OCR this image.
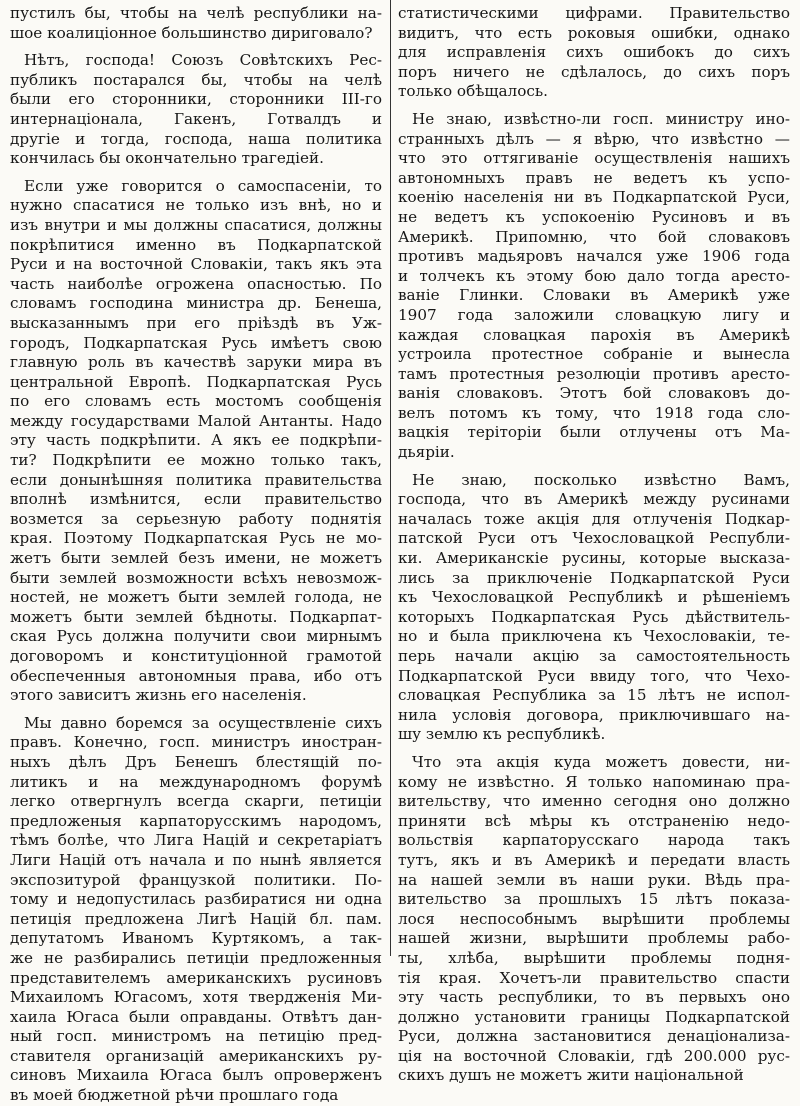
пустилъ бы, чтобы на челѣ республики на-
шое коалиціонное большинство дириговало?
Нѣтъ, господа! Союзъ Совѣтскихъ Рес-
публикъ постарался бы, чтобы на челѣ
были его сторонники, сторонники III-го
интернаціонала, Гакенъ, Готвалдъ и
другіе и тогда, господа, наша политика
кончилась бы окончательно трагедіей.
Если уже говорится о самоспасеніи, то
нужно спасатися не только изъ внѣ, но и
изъ внутри и мы должны спасатися, должны
покрѣпитися именно въ Подкарпатской
Руси и на восточной Словакіи, такъ якъ эта
часть наиболѣе огрожена опасностью. По
словамъ господина министра др. Бенеша,
высказаннымъ при его пріѣздѣ въ Уж-
городъ, Подкарпатская Русь имѣетъ свою
главную роль въ качествѣ заруки мира въ
центральной Европѣ. Подкарпатская Русь
по его словамъ есть мостомъ сообщенія
между государствами Малой Антанты. Надо
эту часть подкрѣпити. А якъ ее подкрѣпи-
ти? Подкрѣпити ее можно только такъ,
если донынѣшняя политика правительства
вполнѣ измѣнится, если правительство
возмется за серьезную работу поднятія
края. Поэтому Подкарпатская Русь не мо-
жетъ быти землей безъ имени, не можетъ
быти землей возможности всѣхъ невозмож-
ностей, не можетъ быти землей голода, не
можетъ быти землей бѣдноты. Подкарпат-
ская Русь должна получити свои мирнымъ
договоромъ и конституціонной грамотой
обеспеченныя автономныя права, ибо отъ
этого зависитъ жизнь его населенія.
Мы давно боремся за осуществленіе сихъ
правъ. Конечно, госп. министръ иностран-
ныхъ дѣлъ Дръ Бенешъ блестящій по-
литикъ и на международномъ форумѣ
легко отвергнулъ всегда скарги, петиціи
предложеныя карпаторусскимъ народомъ,
тѣмъ болѣе, что Лига Націй и секретаріатъ
Лиги Націй отъ начала и по нынѣ является
экспозитурой французкой политики. По-
тому и недопустилась разбиратися ни одна
петиція предложена Лигѣ Націй бл. пам.
депутатомъ Иваномъ Куртякомъ, а так-
же не разбирались петиціи предложенныя
представителемъ американскихъ русиновъ
Михаиломъ Югасомъ, хотя твердженія Ми-
хаила Югаса были оправданы. Отвѣтъ дан-
ный госп. министромъ на петицію пред-
ставителя организацій американскихъ ру-
синовъ Михаила Югаса былъ опроверженъ
въ моей бюджетной рѣчи прошлаго года
статистическими цифрами. Правительство
видитъ, что есть роковыя ошибки, однако
для исправленія сихъ ошибокъ до сихъ
поръ ничего не сдѣлалось, до сихъ поръ
только обѣщалось.
Не знаю, извѣстно-ли госп. министру ино-
странныхъ дѣлъ — я вѣрю, что извѣстно —
что это оттягиваніе осуществленія нашихъ
автономныхъ правъ не ведетъ къ успо-
коенію населенія ни въ Подкарпатской Руси,
не ведетъ къ успокоенію Русиновъ и въ
Америкѣ. Припомню, что бой словаковъ
противъ мадьяровъ начался уже 1906 года
и толчекъ къ этому бою дало тогда аресто-
ваніе Глинки. Словаки въ Америкѣ уже
1907 года заложили словацкую лигу и
каждая словацкая парохія въ Америкѣ
устроила протестное собраніе и вынесла
тамъ протестныя резолюціи противъ аресто-
ванія словаковъ. Этотъ бой словаковъ до-
велъ потомъ къ тому, что 1918 года сло-
вацкія теріторіи были отлучены отъ Ма-
дьяріи.
Не знаю, посколько извѣстно Вамъ,
господа, что въ Америкѣ между русинами
началась тоже акція для отлученія Подкар-
патской Руси отъ Чехословацкой Республи-
ки. Американскіе русины, которые высказа-
лись за приключеніе Подкарпатской Руси
къ Чехословацкой Республикѣ и рѣшеніемъ
которыхъ Подкарпатская Русь дѣйствитель-
но и была приключена къ Чехословакіи, те-
перь начали акцію за самостоятельность
Подкарпатской Руси ввиду того, что Чехо-
словацкая Республика за 15 лѣтъ не испол-
нила условія договора, приключившаго на-
шу землю къ республикѣ.
Что эта акція куда можетъ довести, ни-
кому не извѣстно. Я только напоминаю пра-
вительству, что именно сегодня оно должно
приняти всѣ мѣры къ отстраненію недо-
вольствія карпаторусскаго народа такъ
тутъ, якъ и въ Америкѣ и передати власть
на нашей земли въ наши руки. Вѣдь пра-
вительство за прошлыхъ 15 лѣтъ показа-
лося неспособнымъ вырѣшити проблемы
нашей жизни, вырѣшити проблемы рабо-
ты, хлѣба, вырѣшити проблемы подня-
тія края. Хочетъ-ли правительство спасти
эту часть республики, то въ первыхъ оно
должно установити границы Подкарпатской
Руси, должна застановитися денаціонализа-
ція на восточной Словакіи, гдѣ 200.000 рус-
скихъ душъ не можетъ жити національной
